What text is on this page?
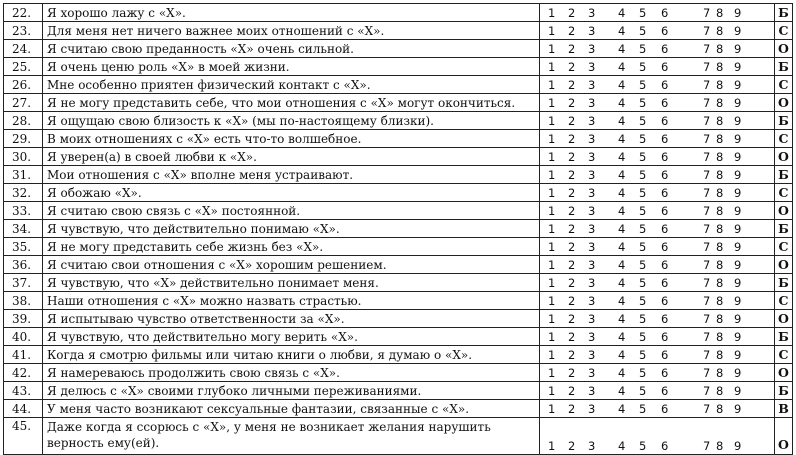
22.	Я хорошо лажу с «Х».	1 2 3 4 5 6 7 8 9	Б
23.	Для меня нет ничего важнее моих отношений с «Х».	1 2 3 4 5 6 7 8 9	С
24.	Я считаю свою преданность «Х» очень сильной.	1 2 3 4 5 6 7 8 9	О
25.	Я очень ценю роль «Х» в моей жизни.	1 2 3 4 5 6 7 8 9	Б
26.	Мне особенно приятен физический контакт с «Х».	1 2 3 4 5 6 7 8 9	С
27.	Я не могу представить себе, что мои отношения с «Х» могут окончиться.	1 2 3 4 5 6 7 8 9	О
28.	Я ощущаю свою близость к «Х» (мы по-настоящему близки).	1 2 3 4 5 6 7 8 9	Б
29.	В моих отношениях с «Х» есть что-то волшебное.	1 2 3 4 5 6 7 8 9	С
30.	Я уверен(а) в своей любви к «Х».	1 2 3 4 5 6 7 8 9	О
31.	Мои отношения с «Х» вполне меня устраивают.	1 2 3 4 5 6 7 8 9	Б
32.	Я обожаю «Х».	1 2 3 4 5 6 7 8 9	С
33.	Я считаю свою связь с «Х» постоянной.	1 2 3 4 5 6 7 8 9	О
34.	Я чувствую, что действительно понимаю «Х».	1 2 3 4 5 6 7 8 9	Б
35.	Я не могу представить себе жизнь без «Х».	1 2 3 4 5 6 7 8 9	С
36.	Я считаю свои отношения с «Х» хорошим решением.	1 2 3 4 5 6 7 8 9	О
37.	Я чувствую, что «Х» действительно понимает меня.	1 2 3 4 5 6 7 8 9	Б
38.	Наши отношения с «Х» можно назвать страстью.	1 2 3 4 5 6 7 8 9	С
39.	Я испытываю чувство ответственности за «Х».	1 2 3 4 5 6 7 8 9	О
40.	Я чувствую, что действительно могу верить «Х».	1 2 3 4 5 6 7 8 9	Б
41.	Когда я смотрю фильмы или читаю книги о любви, я думаю о «Х».	1 2 3 4 5 6 7 8 9	С
42.	Я намереваюсь продолжить свою связь с «Х».	1 2 3 4 5 6 7 8 9	О
43.	Я делюсь с «Х» своими глубоко личными переживаниями.	1 2 3 4 5 6 7 8 9	Б
44.	У меня часто возникают сексуальные фантазии, связанные с «Х».	1 2 3 4 5 6 7 8 9	В
45.	Даже когда я ссорюсь с «Х», у меня не возникает желания нарушить верность ему(ей).	1 2 3 4 5 6 7 8 9	О
